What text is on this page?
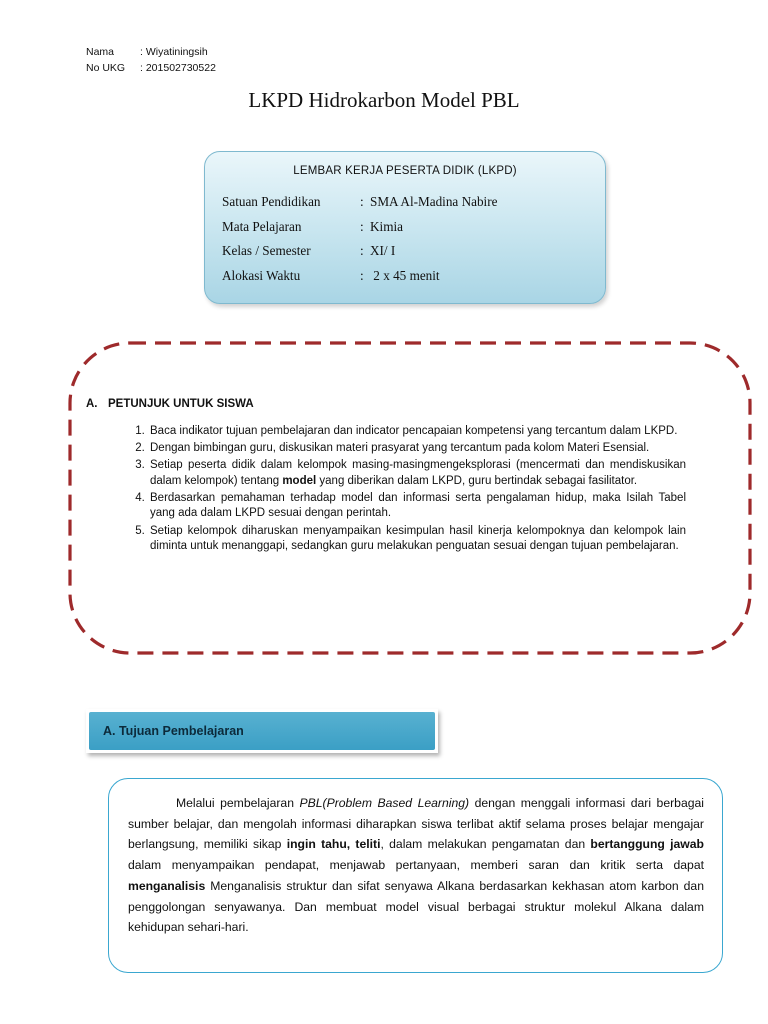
Nama	: Wiyatiningsih
No UKG	: 201502730522
LKPD Hidrokarbon Model PBL
LEMBAR KERJA PESERTA DIDIK (LKPD)
Satuan Pendidikan	: SMA Al-Madina Nabire
Mata Pelajaran	: Kimia
Kelas / Semester	: XI/ I
Alokasi Waktu	: 2 x 45 menit
A. PETUNJUK UNTUK SISWA
1. Baca indikator tujuan pembelajaran dan indicator pencapaian kompetensi yang tercantum dalam LKPD.
2. Dengan bimbingan guru, diskusikan materi prasyarat yang tercantum pada kolom Materi Esensial.
3. Setiap peserta didik dalam kelompok masing-masingmengeksplorasi (mencermati dan mendiskusikan dalam kelompok) tentang model yang diberikan dalam LKPD, guru bertindak sebagai fasilitator.
4. Berdasarkan pemahaman terhadap model dan informasi serta pengalaman hidup, maka Isilah Tabel yang ada dalam LKPD sesuai dengan perintah.
5. Setiap kelompok diharuskan menyampaikan kesimpulan hasil kinerja kelompoknya dan kelompok lain diminta untuk menanggapi, sedangkan guru melakukan penguatan sesuai dengan tujuan pembelajaran.
A. Tujuan Pembelajaran
Melalui pembelajaran PBL(Problem Based Learning) dengan menggali informasi dari berbagai sumber belajar, dan mengolah informasi diharapkan siswa terlibat aktif selama proses belajar mengajar berlangsung, memiliki sikap ingin tahu, teliti, dalam melakukan pengamatan dan bertanggung jawab dalam menyampaikan pendapat, menjawab pertanyaan, memberi saran dan kritik serta dapat menganalisis Menganalisis struktur dan sifat senyawa Alkana berdasarkan kekhasan atom karbon dan penggolongan senyawanya. Dan membuat model visual berbagai struktur molekul Alkana dalam kehidupan sehari-hari.
